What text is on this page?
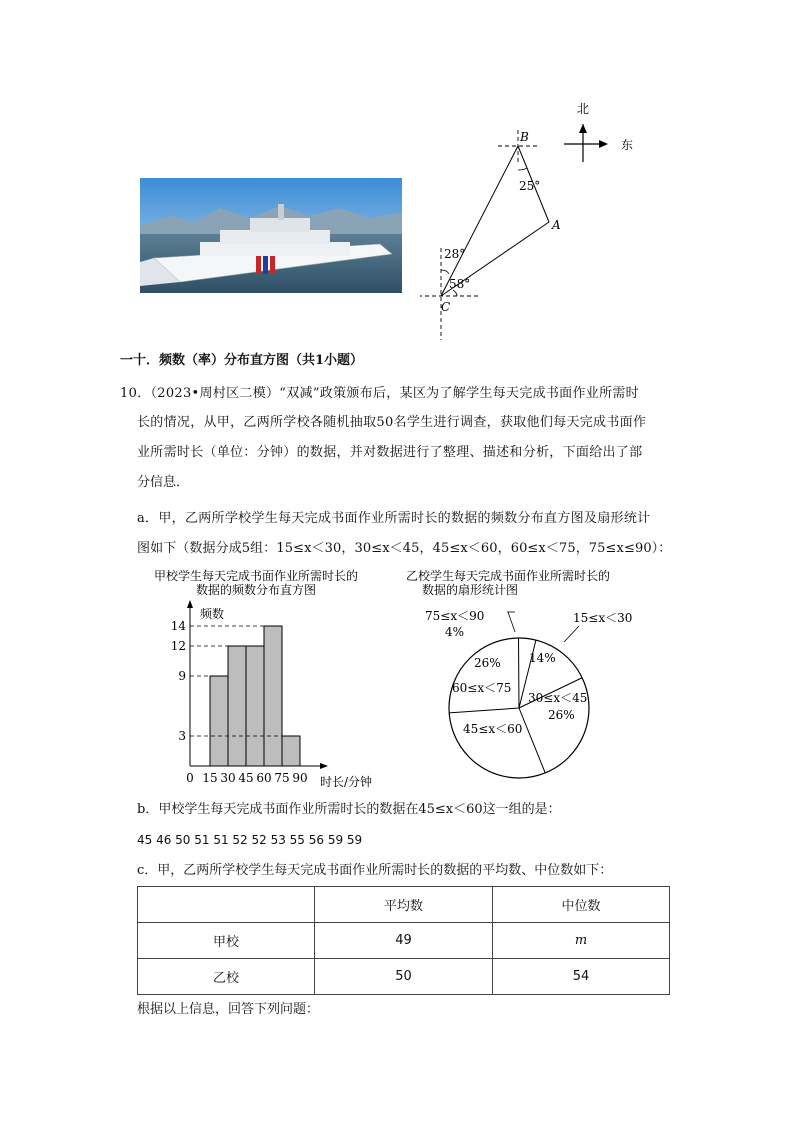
北
东
B
A
C
25°
28°
58°
一十．频数（率）分布直方图（共1小题）
10．（2023•周村区二模）“双减”政策颁布后，某区为了解学生每天完成书面作业所需时
长的情况，从甲，乙两所学校各随机抽取50名学生进行调查，获取他们每天完成书面作
业所需时长（单位：分钟）的数据，并对数据进行了整理、描述和分析，下面给出了部
分信息．
a．甲，乙两所学校学生每天完成书面作业所需时长的数据的频数分布直方图及扇形统计
图如下（数据分成5组：15≤x＜30，30≤x＜45，45≤x＜60，60≤x＜75，75≤x≤90）：
甲校学生每天完成书面作业所需时长的
数据的频数分布直方图
频数
时长/分钟
3
9
12
14
0 15 30 45 60 75 90
乙校学生每天完成书面作业所需时长的
数据的扇形统计图
15≤x＜30
14%
30≤x＜45
26%
45≤x＜60
26%
60≤x＜75
75≤x＜90
4%
b．甲校学生每天完成书面作业所需时长的数据在45≤x＜60这一组的是：
45 46 50 51 51 52 52 53 55 56 59 59
c．甲，乙两所学校学生每天完成书面作业所需时长的数据的平均数、中位数如下：
	平均数	中位数
甲校	49	m
乙校	50	54
根据以上信息，回答下列问题：
